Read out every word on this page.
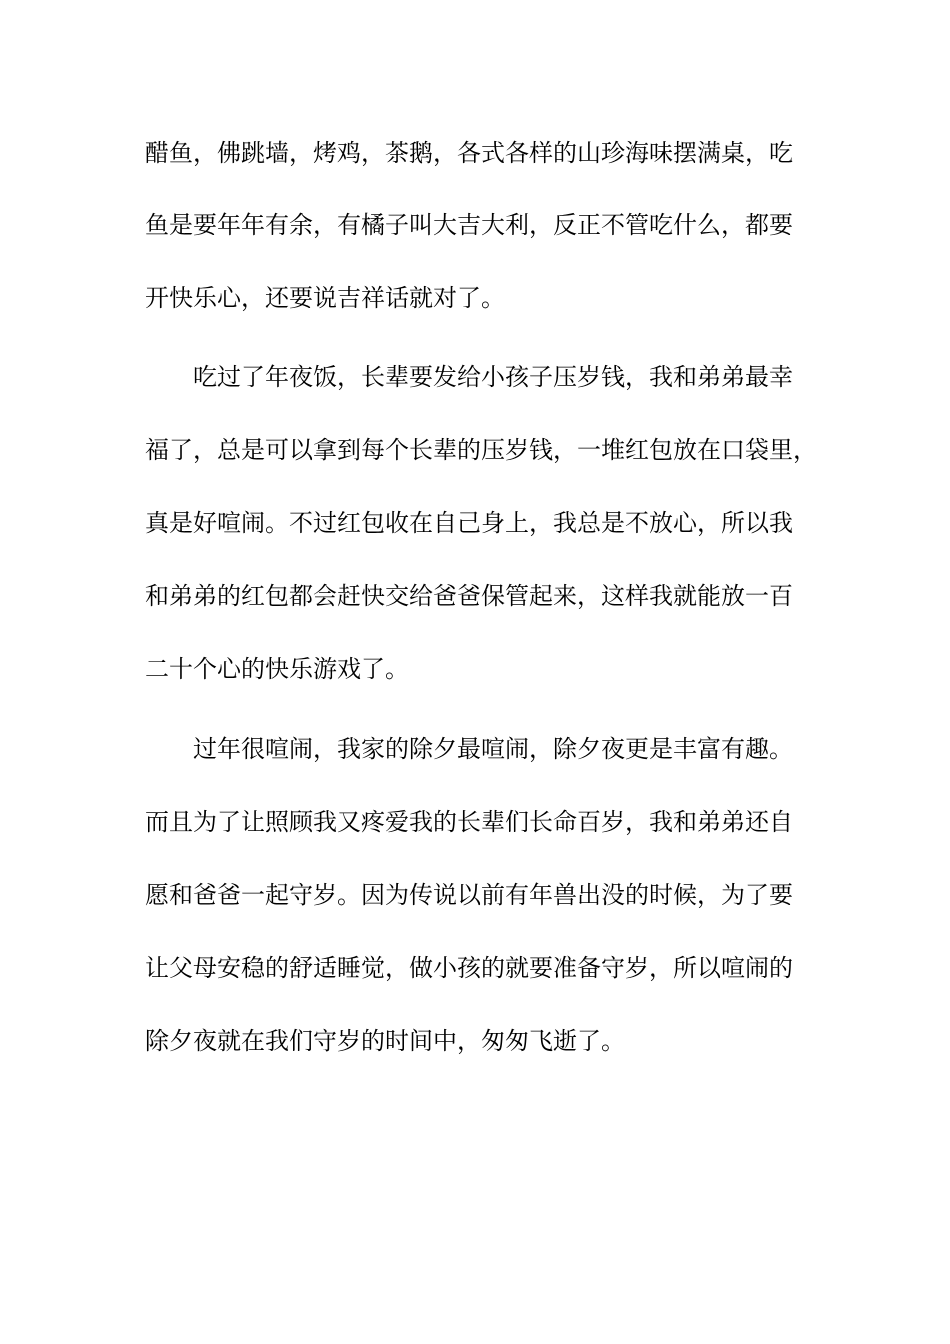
醋鱼，佛跳墙，烤鸡，茶鹅，各式各样的山珍海味摆满桌，吃
鱼是要年年有余，有橘子叫大吉大利，反正不管吃什么，都要
开快乐心，还要说吉祥话就对了。
吃过了年夜饭，长辈要发给小孩子压岁钱，我和弟弟最幸
福了，总是可以拿到每个长辈的压岁钱，一堆红包放在口袋里，
真是好喧闹。不过红包收在自己身上，我总是不放心，所以我
和弟弟的红包都会赶快交给爸爸保管起来，这样我就能放一百
二十个心的快乐游戏了。
过年很喧闹，我家的除夕最喧闹，除夕夜更是丰富有趣。
而且为了让照顾我又疼爱我的长辈们长命百岁，我和弟弟还自
愿和爸爸一起守岁。因为传说以前有年兽出没的时候，为了要
让父母安稳的舒适睡觉，做小孩的就要准备守岁，所以喧闹的
除夕夜就在我们守岁的时间中，匆匆飞逝了。
